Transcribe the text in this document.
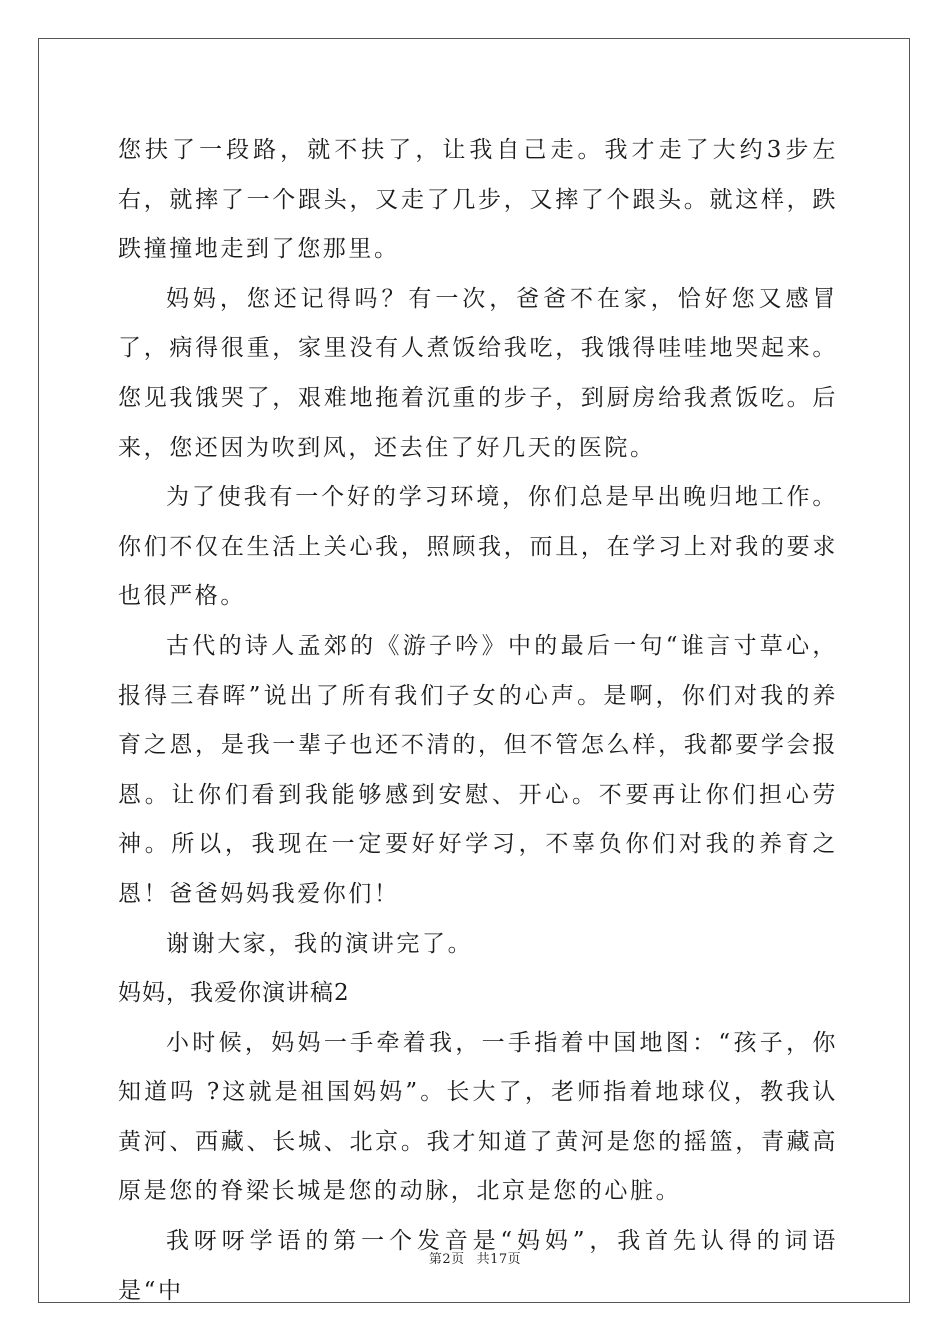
您扶了一段路，就不扶了，让我自己走。我才走了大约3步左右，就摔了一个跟头，又走了几步，又摔了个跟头。就这样，跌跌撞撞地走到了您那里。

妈妈，您还记得吗？有一次，爸爸不在家，恰好您又感冒了，病得很重，家里没有人煮饭给我吃，我饿得哇哇地哭起来。您见我饿哭了，艰难地拖着沉重的步子，到厨房给我煮饭吃。后来，您还因为吹到风，还去住了好几天的医院。

为了使我有一个好的学习环境，你们总是早出晚归地工作。你们不仅在生活上关心我，照顾我，而且，在学习上对我的要求也很严格。

古代的诗人孟郊的《游子吟》中的最后一句“谁言寸草心，报得三春晖”说出了所有我们子女的心声。是啊，你们对我的养育之恩，是我一辈子也还不清的，但不管怎么样，我都要学会报恩。让你们看到我能够感到安慰、开心。不要再让你们担心劳神。所以，我现在一定要好好学习，不辜负你们对我的养育之恩！爸爸妈妈我爱你们！

谢谢大家，我的演讲完了。

妈妈，我爱你演讲稿2

小时候，妈妈一手牵着我，一手指着中国地图：“孩子，你知道吗 ?这就是祖国妈妈”。长大了，老师指着地球仪，教我认黄河、西藏、长城、北京。我才知道了黄河是您的摇篮，青藏高原是您的脊梁长城是您的动脉，北京是您的心脏。

我呀呀学语的第一个发音是“妈妈”，我首先认得的词语是“中

第2页 共17页
